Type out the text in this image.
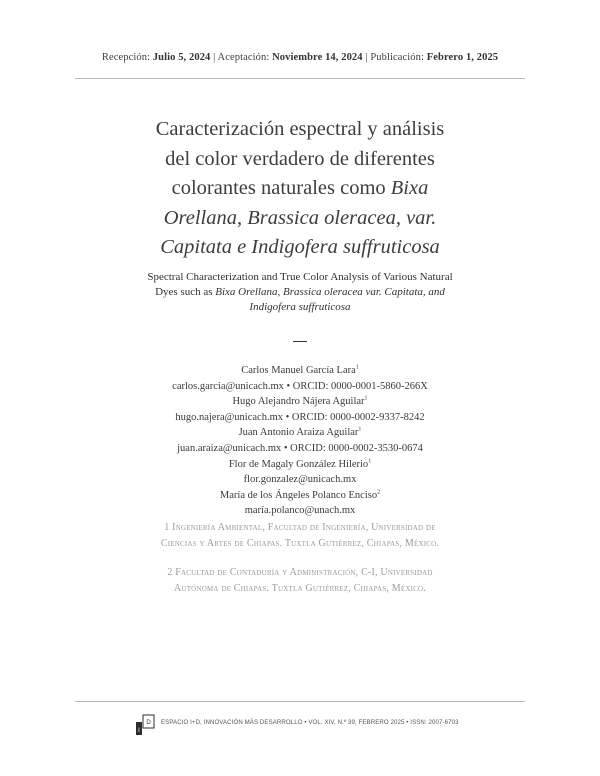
Recepción: Julio 5, 2024 | Aceptación: Noviembre 14, 2024 | Publicación: Febrero 1, 2025
Caracterización espectral y análisis
del color verdadero de diferentes
colorantes naturales como Bixa
Orellana, Brassica oleracea, var.
Capitata e Indigofera suffruticosa
Spectral Characterization and True Color Analysis of Various Natural
Dyes such as Bixa Orellana, Brassica oleracea var. Capitata, and
Indigofera suffruticosa
Carlos Manuel García Lara$^1$
carlos.garcia@unicach.mx • ORCID: 0000-0001-5860-266X
Hugo Alejandro Nájera Aguilar$^1$
hugo.najera@unicach.mx • ORCID: 0000-0002-9337-8242
Juan Antonio Araiza Aguilar$^1$
juan.araiza@unicach.mx • ORCID: 0000-0002-3530-0674
Flor de Magaly González Hilerio$^1$
flor.gonzalez@unicach.mx
María de los Ángeles Polanco Enciso$^2$
maría.polanco@unach.mx
1 Ingeniería Ambiental, Facultad de Ingeniería, Universidad de
Ciencias y Artes de Chiapas. Tuxtla Gutiérrez, Chiapas, México.
2 Facultad de Contaduría y Administración, C-I, Universidad
Autónoma de Chiapas. Tuxtla Gutiérrez, Chiapas, México.
I
D ESPACIO I+D, INNOVACIÓN MÁS DESARROLLO • VOL. XIV, N.º 39, FEBRERO 2025 • ISSN: 2007-6703
